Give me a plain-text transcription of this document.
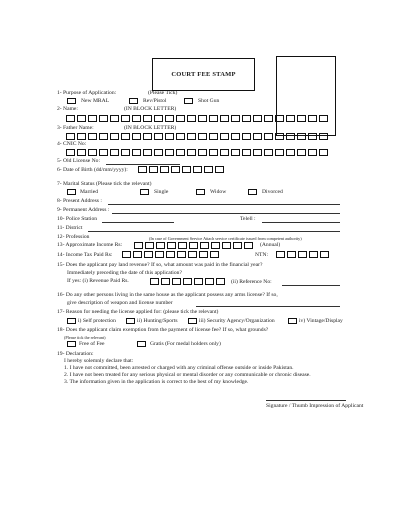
COURT FEE STAMP
1- Purpose of Application:	(Please Tick)
New MRAL	Rev/Pistol	Shot Gun
2- Name:	(IN BLOCK LETTER)
3- Father Name:	(IN BLOCK LETTER)
4- CNIC No:
5- Old License No:
6- Date of Birth (dd/mm/yyyy):
7- Marital Status (Please tick the relevant)
Married	Single	Widow	Divorced
8- Present Address :
9- Permanent Address :
10- Police Station	Telell :
11- District
12- Profession	(In case of Government Service Attach service certificate issued from competent authority)
13- Approximate Income Rs:	(Annual)
14- Income Tax Paid Rs:	NTN:
15- Does the applicant pay land revenue? If so, what amount was paid in the financial year?
Immediately preceding the date of this application?
If yes: (i) Revenue Paid Rs.	(ii) Reference No:
16- Do any other persons living in the same house as the applicant possess any arms license? If so,
give description of weapon and license number
17- Reason for needing the license applied for: (please tick the relevant)
i) Self protection	ii) Hunting/Sports	iii) Security Agency/Organization	iv) Vintage/Display
18- Does the applicant claim exemption from the payment of license fee? If so, what grounds?
(Please tick the relevant)
Free of Fee	Gratis (For medal holders only)
19- Declaration:
I hereby solemnly declare that:
1. I have not committed, been arrested or charged with any criminal offense outside or inside Pakistan.
2. I have not been treated for any serious physical or mental disorder or any communicable or chronic disease.
3. The information given in the application is correct to the best of my knowledge.
Signature / Thumb Impression of Applicant
